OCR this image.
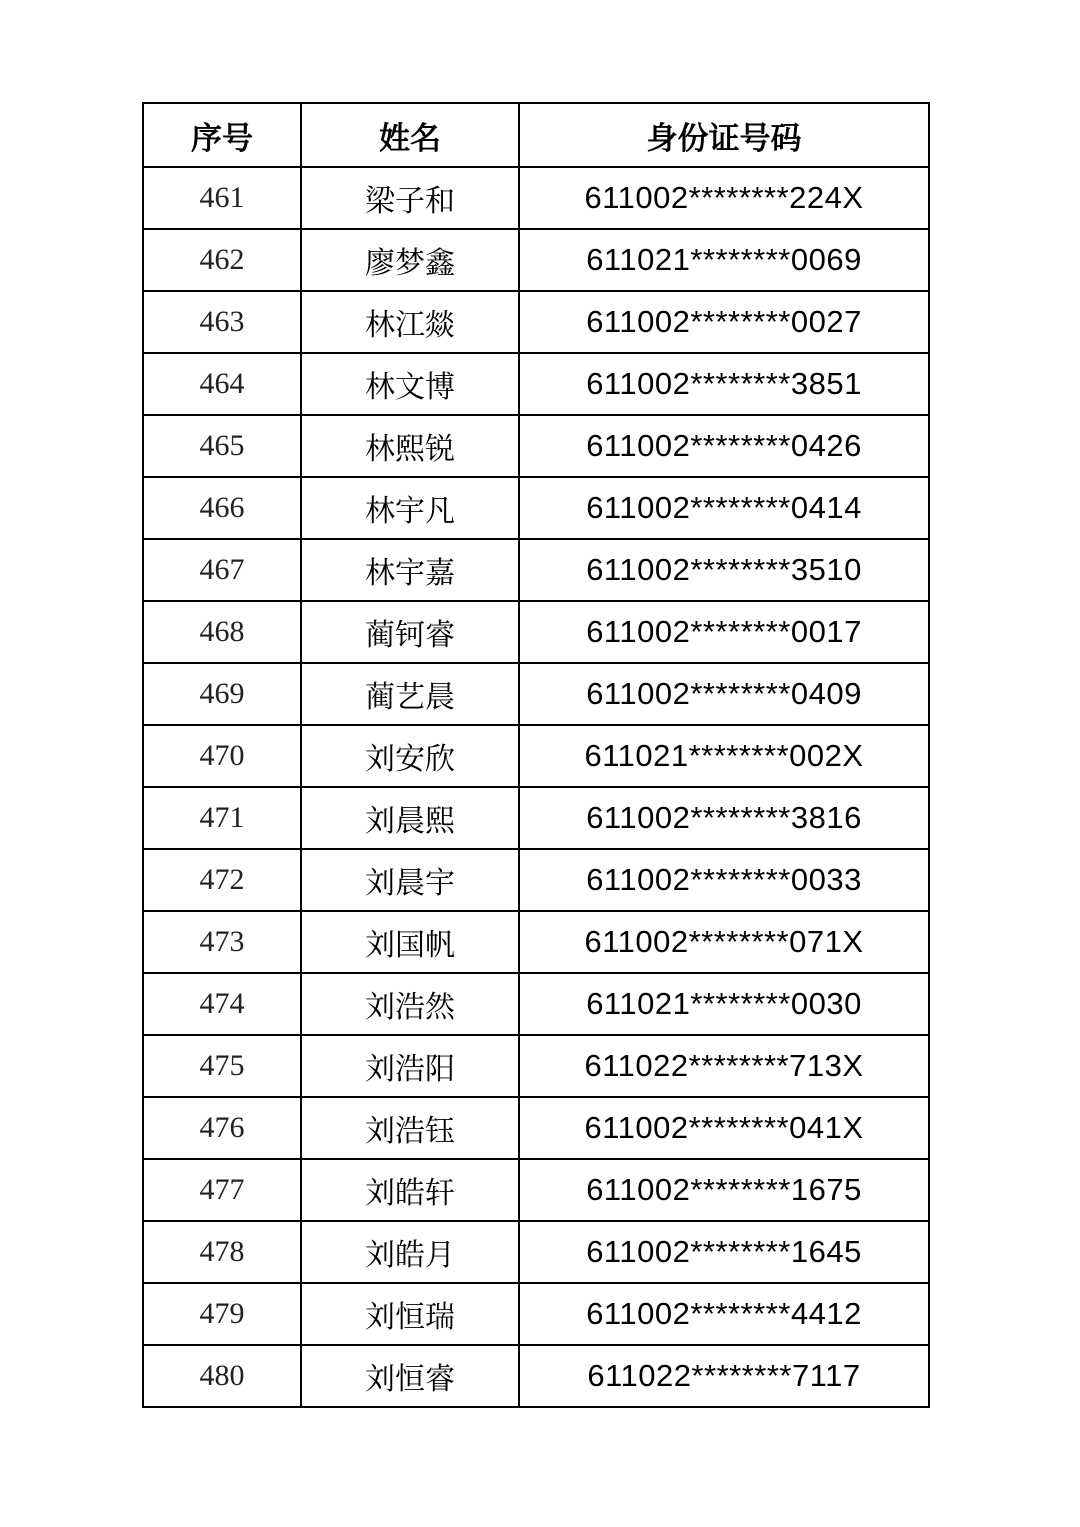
序号	姓名	身份证号码
461	梁子和	611002********224X
462	廖梦鑫	611021********0069
463	林江燚	611002********0027
464	林文博	611002********3851
465	林熙锐	611002********0426
466	林宇凡	611002********0414
467	林宇嘉	611002********3510
468	蔺钶睿	611002********0017
469	蔺艺晨	611002********0409
470	刘安欣	611021********002X
471	刘晨熙	611002********3816
472	刘晨宇	611002********0033
473	刘国帆	611002********071X
474	刘浩然	611021********0030
475	刘浩阳	611022********713X
476	刘浩钰	611002********041X
477	刘皓轩	611002********1675
478	刘皓月	611002********1645
479	刘恒瑞	611002********4412
480	刘恒睿	611022********7117
